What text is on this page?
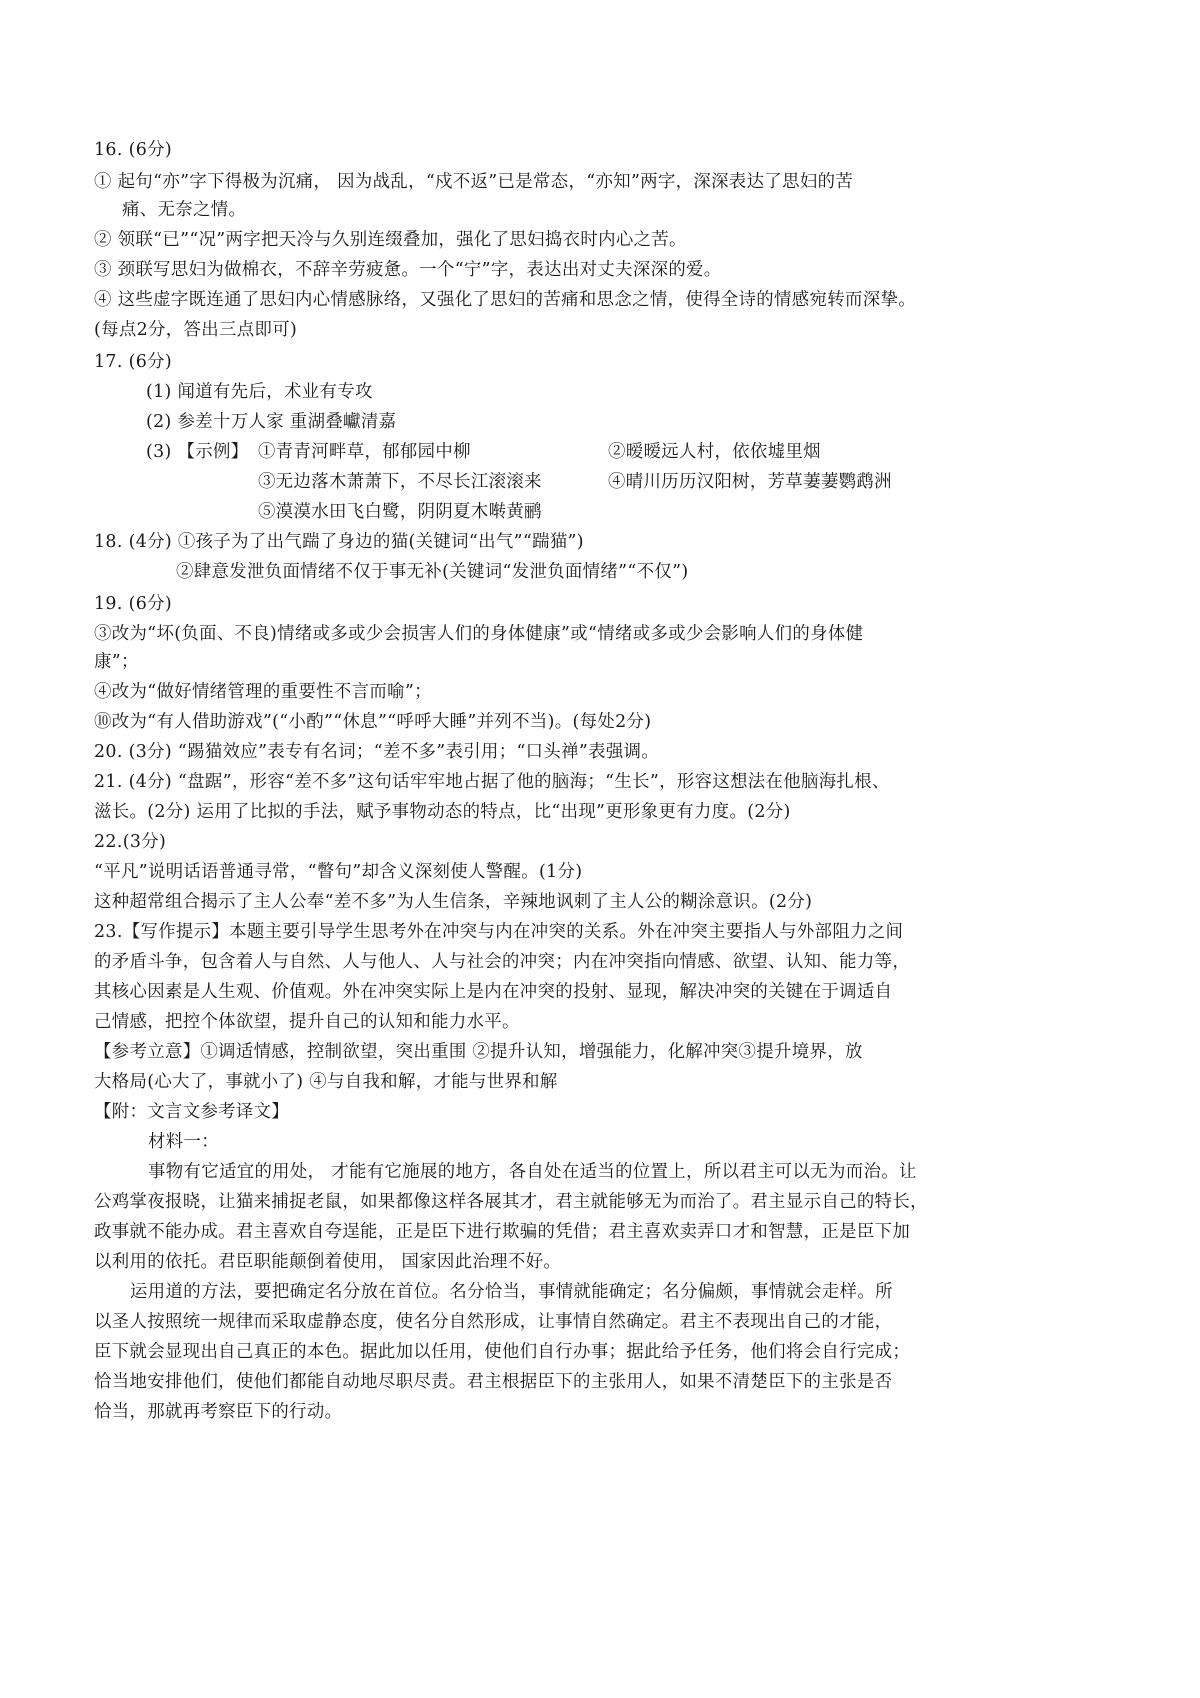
16. (6分)
① 起句“亦”字下得极为沉痛， 因为战乱，“戍不返”已是常态，“亦知”两字，深深表达了思妇的苦
痛、无奈之情。
② 领联“已”“况”两字把天冷与久别连缀叠加，强化了思妇捣衣时内心之苦。
③ 颈联写思妇为做棉衣，不辞辛劳疲惫。一个“宁”字，表达出对丈夫深深的爱。
④ 这些虚字既连通了思妇内心情感脉络，又强化了思妇的苦痛和思念之情，使得全诗的情感宛转而深挚。
(每点2分，答出三点即可)
17. (6分)
(1) 闻道有先后，术业有专攻
(2) 参差十万人家 重湖叠巘清嘉
(3) 【示例】 ①青青河畔草，郁郁园中柳	②暧暧远人村，依依墟里烟
③无边落木萧萧下，不尽长江滚滚来	④晴川历历汉阳树，芳草萋萋鹦鹉洲
⑤漠漠水田飞白鹭，阴阴夏木啭黄鹂
18. (4分) ①孩子为了出气踹了身边的猫(关键词“出气”“踹猫”)
②肆意发泄负面情绪不仅于事无补(关键词“发泄负面情绪”“不仅”)
19. (6分)
③改为“坏(负面、不良)情绪或多或少会损害人们的身体健康”或“情绪或多或少会影响人们的身体健
康”；
④改为“做好情绪管理的重要性不言而喻”；
⑩改为“有人借助游戏”(“小酌”“休息”“呼呼大睡”并列不当)。(每处2分)
20. (3分) “踢猫效应”表专有名词；“差不多”表引用；“口头禅”表强调。
21. (4分) “盘踞”，形容“差不多”这句话牢牢地占据了他的脑海；“生长”，形容这想法在他脑海扎根、
滋长。(2分) 运用了比拟的手法，赋予事物动态的特点，比“出现”更形象更有力度。(2分)
22.(3分)
“平凡”说明话语普通寻常，“瞥句”却含义深刻使人警醒。(1分)
这种超常组合揭示了主人公奉“差不多”为人生信条，辛辣地讽刺了主人公的糊涂意识。(2分)
23.【写作提示】本题主要引导学生思考外在冲突与内在冲突的关系。外在冲突主要指人与外部阻力之间
的矛盾斗争，包含着人与自然、人与他人、人与社会的冲突；内在冲突指向情感、欲望、认知、能力等，
其核心因素是人生观、价值观。外在冲突实际上是内在冲突的投射、显现，解决冲突的关键在于调适自
己情感，把控个体欲望，提升自己的认知和能力水平。
【参考立意】①调适情感，控制欲望，突出重围 ②提升认知，增强能力，化解冲突③提升境界，放
大格局(心大了，事就小了) ④与自我和解，才能与世界和解
【附：文言文参考译文】
材料一：
事物有它适宜的用处， 才能有它施展的地方，各自处在适当的位置上，所以君主可以无为而治。让
公鸡掌夜报晓，让猫来捕捉老鼠，如果都像这样各展其才，君主就能够无为而治了。君主显示自己的特长，
政事就不能办成。君主喜欢自夸逞能，正是臣下进行欺骗的凭借；君主喜欢卖弄口才和智慧，正是臣下加
以利用的依托。君臣职能颠倒着使用， 国家因此治理不好。
运用道的方法，要把确定名分放在首位。名分恰当，事情就能确定；名分偏颇，事情就会走样。所
以圣人按照统一规律而采取虚静态度，使名分自然形成，让事情自然确定。君主不表现出自己的才能，
臣下就会显现出自己真正的本色。据此加以任用，使他们自行办事；据此给予任务，他们将会自行完成；
恰当地安排他们，使他们都能自动地尽职尽责。君主根据臣下的主张用人，如果不清楚臣下的主张是否
恰当，那就再考察臣下的行动。
